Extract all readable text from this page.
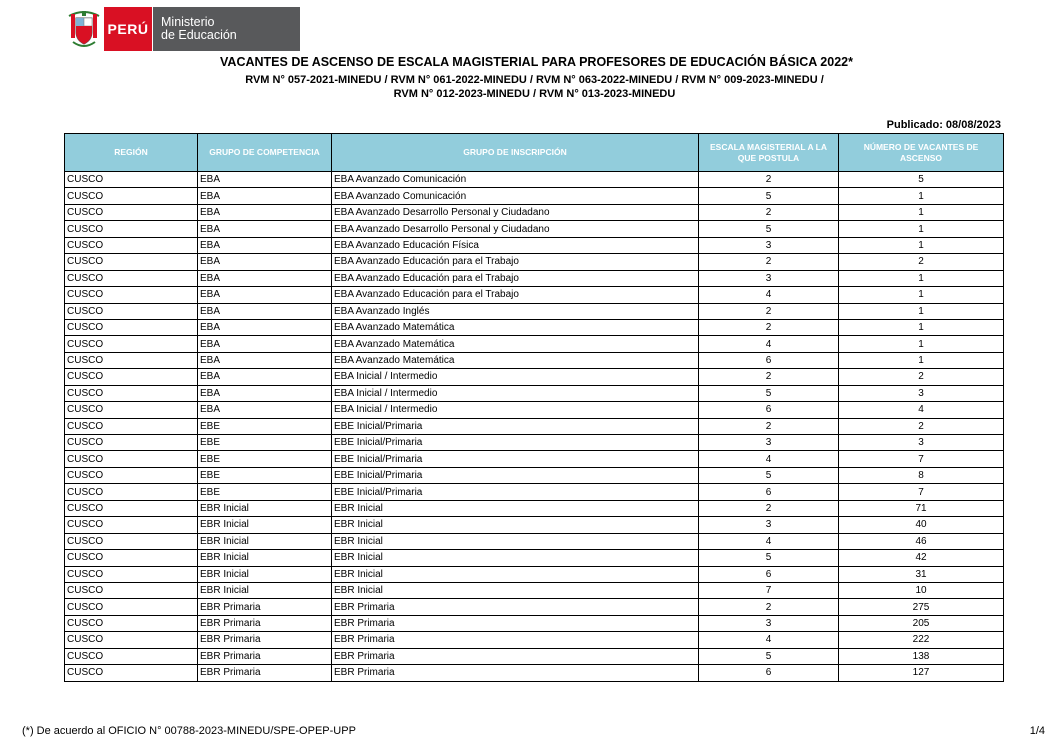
PERÚ	Ministerio
de Educación
VACANTES DE ASCENSO DE ESCALA MAGISTERIAL PARA PROFESORES DE EDUCACIÓN BÁSICA 2022*
RVM N° 057-2021-MINEDU / RVM N° 061-2022-MINEDU / RVM N° 063-2022-MINEDU / RVM N° 009-2023-MINEDU /
RVM N° 012-2023-MINEDU / RVM N° 013-2023-MINEDU
Publicado: 08/08/2023
REGIÓN	GRUPO DE COMPETENCIA	GRUPO DE INSCRIPCIÓN	ESCALA MAGISTERIAL A LA QUE POSTULA	NÚMERO DE VACANTES DE ASCENSO
CUSCO	EBA	EBA Avanzado Comunicación	2	5
CUSCO	EBA	EBA Avanzado Comunicación	5	1
CUSCO	EBA	EBA Avanzado Desarrollo Personal y Ciudadano	2	1
CUSCO	EBA	EBA Avanzado Desarrollo Personal y Ciudadano	5	1
CUSCO	EBA	EBA Avanzado Educación Física	3	1
CUSCO	EBA	EBA Avanzado Educación para el Trabajo	2	2
CUSCO	EBA	EBA Avanzado Educación para el Trabajo	3	1
CUSCO	EBA	EBA Avanzado Educación para el Trabajo	4	1
CUSCO	EBA	EBA Avanzado Inglés	2	1
CUSCO	EBA	EBA Avanzado Matemática	2	1
CUSCO	EBA	EBA Avanzado Matemática	4	1
CUSCO	EBA	EBA Avanzado Matemática	6	1
CUSCO	EBA	EBA Inicial / Intermedio	2	2
CUSCO	EBA	EBA Inicial / Intermedio	5	3
CUSCO	EBA	EBA Inicial / Intermedio	6	4
CUSCO	EBE	EBE Inicial/Primaria	2	2
CUSCO	EBE	EBE Inicial/Primaria	3	3
CUSCO	EBE	EBE Inicial/Primaria	4	7
CUSCO	EBE	EBE Inicial/Primaria	5	8
CUSCO	EBE	EBE Inicial/Primaria	6	7
CUSCO	EBR Inicial	EBR Inicial	2	71
CUSCO	EBR Inicial	EBR Inicial	3	40
CUSCO	EBR Inicial	EBR Inicial	4	46
CUSCO	EBR Inicial	EBR Inicial	5	42
CUSCO	EBR Inicial	EBR Inicial	6	31
CUSCO	EBR Inicial	EBR Inicial	7	10
CUSCO	EBR Primaria	EBR Primaria	2	275
CUSCO	EBR Primaria	EBR Primaria	3	205
CUSCO	EBR Primaria	EBR Primaria	4	222
CUSCO	EBR Primaria	EBR Primaria	5	138
CUSCO	EBR Primaria	EBR Primaria	6	127
(*) De acuerdo al OFICIO N° 00788-2023-MINEDU/SPE-OPEP-UPP	1/4
